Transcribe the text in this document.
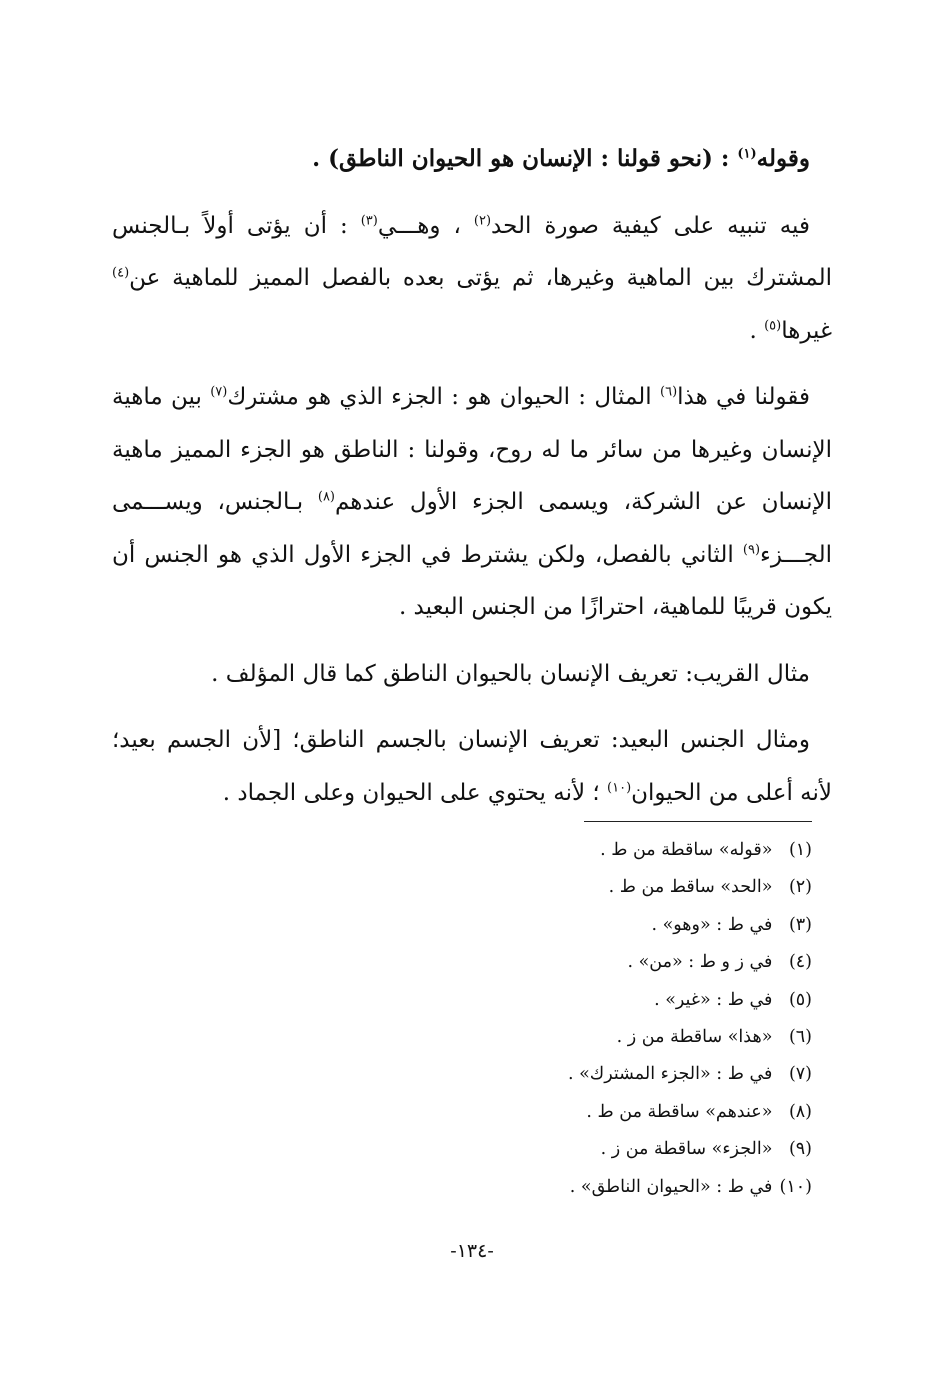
وقوله$^{(١)}$ : (نحو قولنا : الإنسان هو الحيوان الناطق) .

فيه تنبيه على كيفية صورة الحد$^{(٢)}$ ، وهـــي$^{(٣)}$ : أن يؤتى أولاً بـالجنس المشترك بين الماهية وغيرها، ثم يؤتى بعده بالفصل المميز للماهية عن$^{(٤)}$ غيرها$^{(٥)}$ .

فقولنا في هذا$^{(٦)}$ المثال : الحيوان هو : الجزء الذي هو مشترك$^{(٧)}$ بين ماهية الإنسان وغيرها من سائر ما له روح، وقولنا : الناطق هو الجزء المميز ماهية الإنسان عن الشركة، ويسمى الجزء الأول عندهم$^{(٨)}$ بـالجنس، ويســـمى الجـــزء$^{(٩)}$ الثاني بالفصل، ولكن يشترط في الجزء الأول الذي هو الجنس أن يكون قريبًا للماهية، احترازًا من الجنس البعيد .

مثال القريب: تعريف الإنسان بالحيوان الناطق كما قال المؤلف .

ومثال الجنس البعيد: تعريف الإنسان بالجسم الناطق؛ [لأن الجسم بعيد؛ لأنه أعلى من الحيوان$^{(١٠)}$ ؛ لأنه يحتوي على الحيوان وعلى الجماد .

(١) «قوله» ساقطة من ط .
(٢) «الحد» ساقط من ط .
(٣) في ط : «وهو» .
(٤) في ز و ط : «من» .
(٥) في ط : «غير» .
(٦) «هذا» ساقطة من ز .
(٧) في ط : «الجزء المشترك» .
(٨) «عندهم» ساقطة من ط .
(٩) «الجزء» ساقطة من ز .
(١٠) في ط : «الحيوان الناطق» .
-١٣٤-
